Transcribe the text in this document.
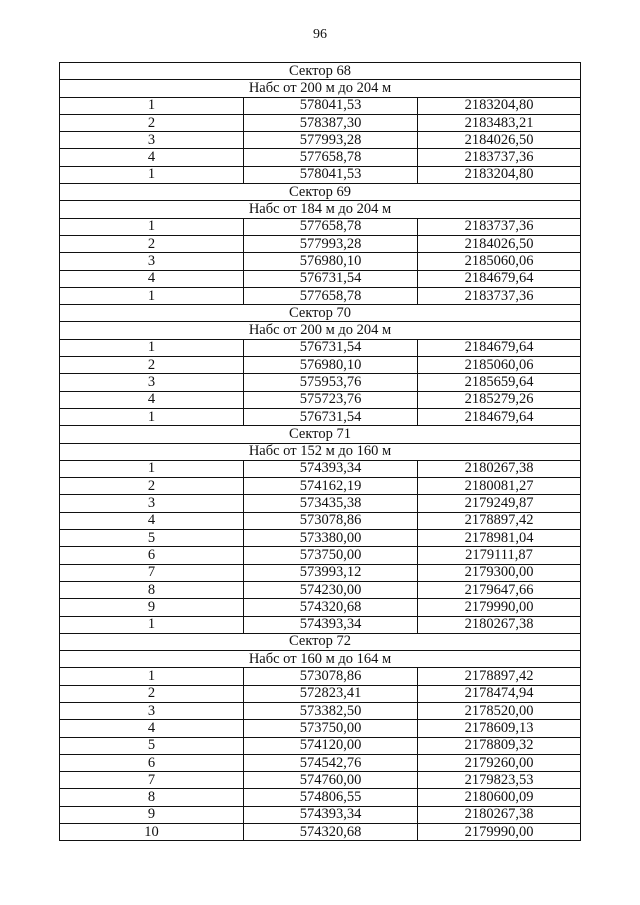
96
Сектор 68		
Набс от 200 м до 204 м		
1	578041,53	2183204,80
2	578387,30	2183483,21
3	577993,28	2184026,50
4	577658,78	2183737,36
1	578041,53	2183204,80
Сектор 69		
Набс от 184 м до 204 м		
1	577658,78	2183737,36
2	577993,28	2184026,50
3	576980,10	2185060,06
4	576731,54	2184679,64
1	577658,78	2183737,36
Сектор 70		
Набс от 200 м до 204 м		
1	576731,54	2184679,64
2	576980,10	2185060,06
3	575953,76	2185659,64
4	575723,76	2185279,26
1	576731,54	2184679,64
Сектор 71		
Набс от 152 м до 160 м		
1	574393,34	2180267,38
2	574162,19	2180081,27
3	573435,38	2179249,87
4	573078,86	2178897,42
5	573380,00	2178981,04
6	573750,00	2179111,87
7	573993,12	2179300,00
8	574230,00	2179647,66
9	574320,68	2179990,00
1	574393,34	2180267,38
Сектор 72		
Набс от 160 м до 164 м		
1	573078,86	2178897,42
2	572823,41	2178474,94
3	573382,50	2178520,00
4	573750,00	2178609,13
5	574120,00	2178809,32
6	574542,76	2179260,00
7	574760,00	2179823,53
8	574806,55	2180600,09
9	574393,34	2180267,38
10	574320,68	2179990,00
